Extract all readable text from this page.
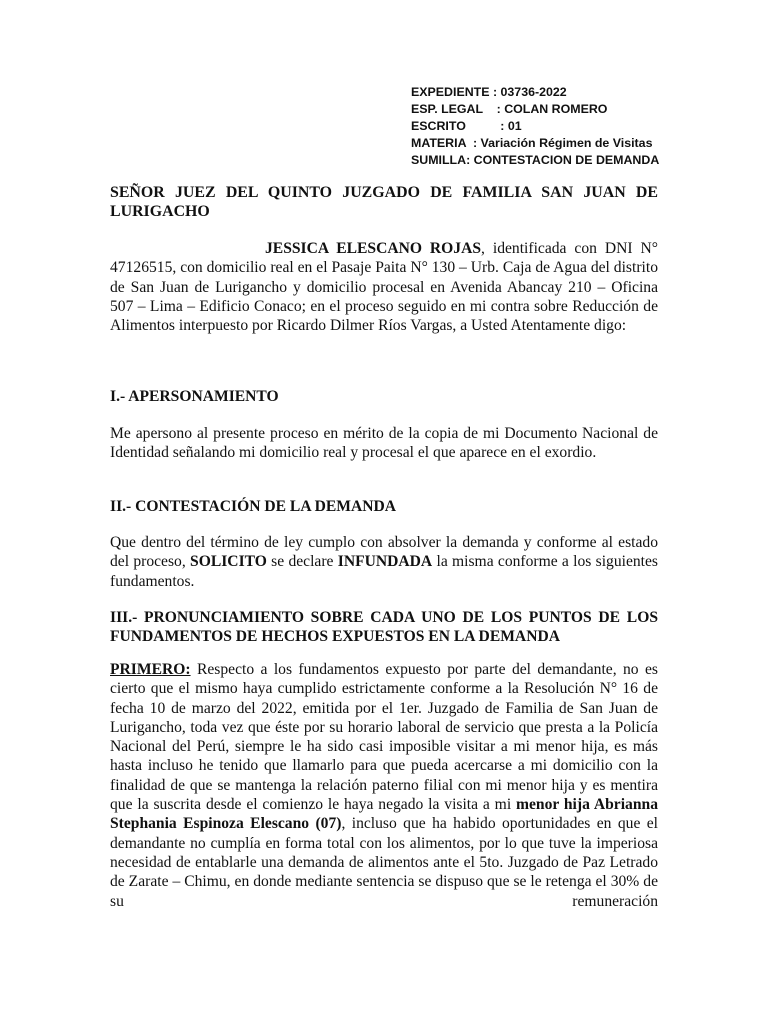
EXPEDIENTE : 03736-2022
ESP. LEGAL    : COLAN ROMERO
ESCRITO          : 01
MATERIA  : Variación Régimen de Visitas
SUMILLA: CONTESTACION DE DEMANDA
SEÑOR JUEZ DEL QUINTO JUZGADO DE FAMILIA SAN JUAN DE LURIGACHO
JESSICA ELESCANO ROJAS, identificada con DNI N° 47126515, con domicilio real en el Pasaje Paita N° 130 – Urb. Caja de Agua del distrito de San Juan de Lurigancho y domicilio procesal en Avenida Abancay 210 – Oficina 507 – Lima – Edificio Conaco; en el proceso seguido en mi contra sobre Reducción de Alimentos interpuesto por Ricardo Dilmer Ríos Vargas, a Usted Atentamente digo:
I.- APERSONAMIENTO
Me apersono al presente proceso en mérito de la copia de mi Documento Nacional de Identidad señalando mi domicilio real y procesal el que aparece en el exordio.
II.- CONTESTACIÓN DE LA DEMANDA
Que dentro del término de ley cumplo con absolver la demanda y conforme al estado del proceso, SOLICITO se declare INFUNDADA la misma conforme a los siguientes fundamentos.
III.- PRONUNCIAMIENTO SOBRE CADA UNO DE LOS PUNTOS DE LOS FUNDAMENTOS DE HECHOS EXPUESTOS EN LA DEMANDA
PRIMERO: Respecto a los fundamentos expuesto por parte del demandante, no es cierto que el mismo haya cumplido estrictamente conforme a la Resolución N° 16 de fecha 10 de marzo del 2022, emitida por el 1er. Juzgado de Familia de San Juan de Lurigancho, toda vez que éste por su horario laboral de servicio que presta a la Policía Nacional del Perú, siempre le ha sido casi imposible visitar a mi menor hija, es más hasta incluso he tenido que llamarlo para que pueda acercarse a mi domicilio con la finalidad de que se mantenga la relación paterno filial con mi menor hija y es mentira que la suscrita desde el comienzo le haya negado la visita a mi menor hija Abrianna Stephania Espinoza Elescano (07), incluso que ha habido oportunidades en que el demandante no cumplía en forma total con los alimentos, por lo que tuve la imperiosa necesidad de entablarle una demanda de alimentos ante el 5to. Juzgado de Paz Letrado de Zarate – Chimu, en donde mediante sentencia se dispuso que se le retenga el 30% de su remuneración
